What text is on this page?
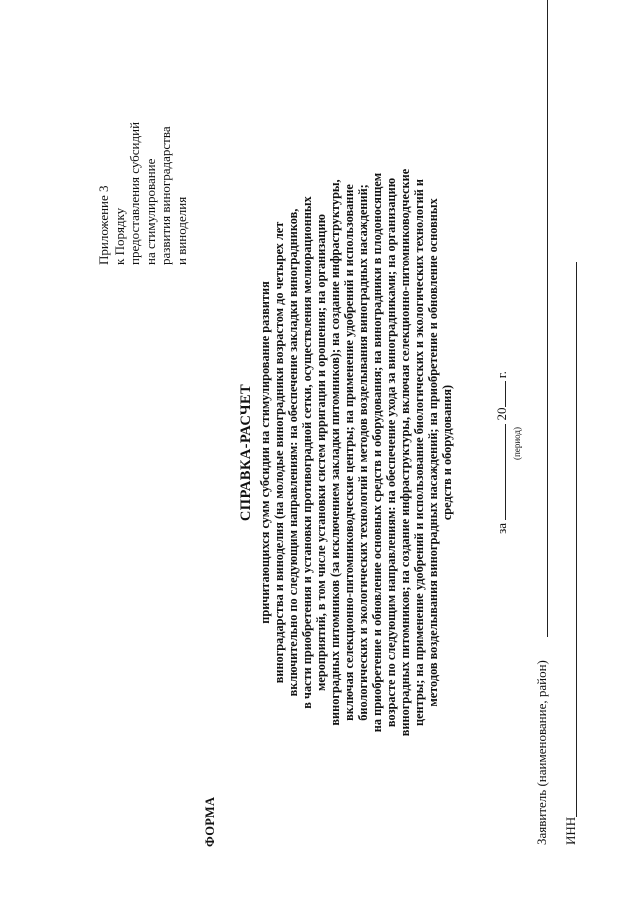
Приложение 3 к Порядку предоставления субсидий на стимулирование развития виноградарства и виноделия
ФОРМА
СПРАВКА-РАСЧЕТ причитающихся сумм субсидии на стимулирование развития виноградарства и виноделия (на молодые виноградники возрастом до четырех лет включительно по следующим направлениям: на обеспечение закладки виноградников, в части приобретения и установки противоградной сетки, осуществления мелиорационных мероприятий, в том числе установки систем ирригации и орошения; на организацию виноградных питомников (за исключением закладки питомников); на создание инфраструктуры, включая селекционно-питомниководческие центры; на применение удобрений и использование биологических и экологических технологий и методов возделывания виноградных насаждений; на приобретение и обновление основных средств и оборудования; на виноградники в плодоносящем возрасте по следующим направлениям: на обеспечение ухода за виноградниками; на организацию виноградных питомников; на создание инфраструктуры, включая селекционно-питомниководческие центры; на применение удобрений и использование биологических и экологических технологий и методов возделывания виноградных насаждений; на приобретение и обновление основных средств и оборудования)
за  20 г.
(период)
Заявитель (наименование, район) ИНН
